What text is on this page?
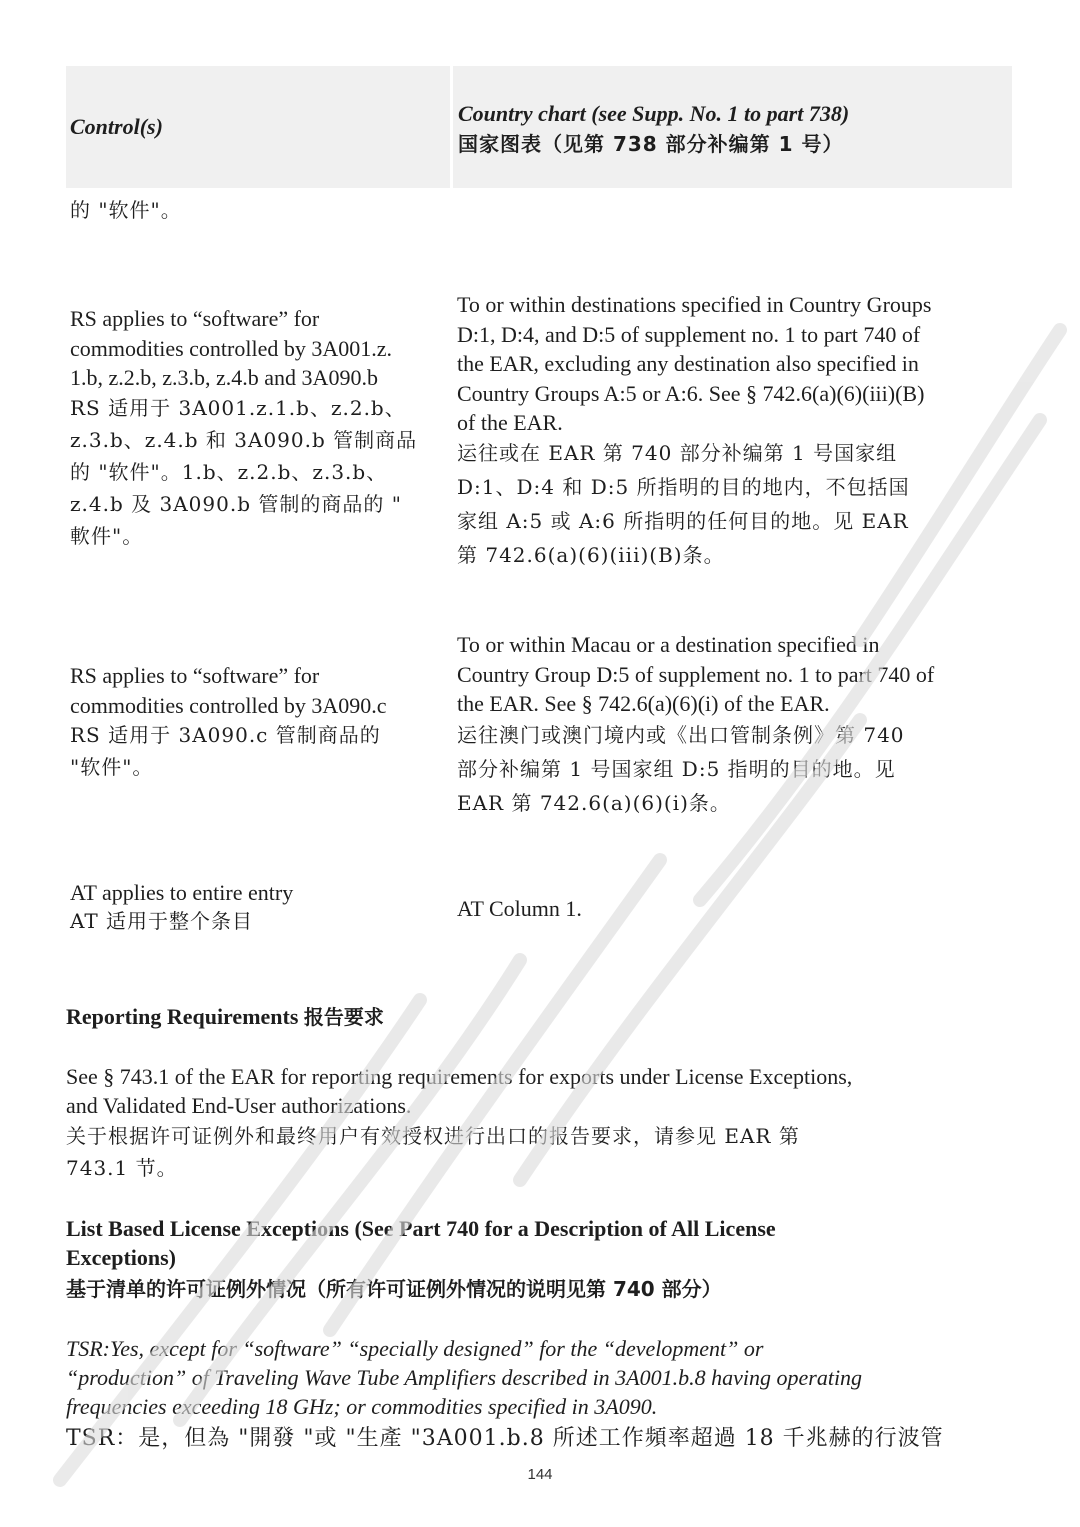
Control(s)
Country chart (see Supp. No. 1 to part 738)
国家图表（见第 738 部分补编第 1 号）
的 "软件"。
RS applies to “software” for
commodities controlled by 3A001.z.
1.b, z.2.b, z.3.b, z.4.b and 3A090.b
RS 适用于 3A001.z.1.b、z.2.b、
z.3.b、z.4.b 和 3A090.b 管制商品
的 "软件"。1.b、z.2.b、z.3.b、
z.4.b 及 3A090.b 管制的商品的 "
軟件"。
To or within destinations specified in Country Groups
D:1, D:4, and D:5 of supplement no. 1 to part 740 of
the EAR, excluding any destination also specified in
Country Groups A:5 or A:6. See § 742.6(a)(6)(iii)(B)
of the EAR.
运往或在 EAR 第 740 部分补编第 1 号国家组
D:1、D:4 和 D:5 所指明的目的地内，不包括国
家组 A:5 或 A:6 所指明的任何目的地。见 EAR
第 742.6(a)(6)(iii)(B)条。
RS applies to “software” for
commodities controlled by 3A090.c
RS 适用于 3A090.c 管制商品的
"软件"。
To or within Macau or a destination specified in
Country Group D:5 of supplement no. 1 to part 740 of
the EAR. See § 742.6(a)(6)(i) of the EAR.
运往澳门或澳门境内或《出口管制条例》第 740
部分补编第 1 号国家组 D:5 指明的目的地。见
EAR 第 742.6(a)(6)(i)条。
AT applies to entire entry
AT 适用于整个条目	AT Column 1.
Reporting Requirements 报告要求
See § 743.1 of the EAR for reporting requirements for exports under License Exceptions,
and Validated End-User authorizations.
关于根据许可证例外和最终用户有效授权进行出口的报告要求，请参见 EAR 第
743.1 节。
List Based License Exceptions (See Part 740 for a Description of All License
Exceptions)
基于清单的许可证例外情况（所有许可证例外情况的说明见第 740 部分）
TSR:Yes, except for “software” “specially designed” for the “development” or
“production” of Traveling Wave Tube Amplifiers described in 3A001.b.8 having operating
frequencies exceeding 18 GHz; or commodities specified in 3A090.
TSR：是，但為 "開發 "或 "生產 "3A001.b.8 所述工作頻率超過 18 千兆赫的行波管
144
